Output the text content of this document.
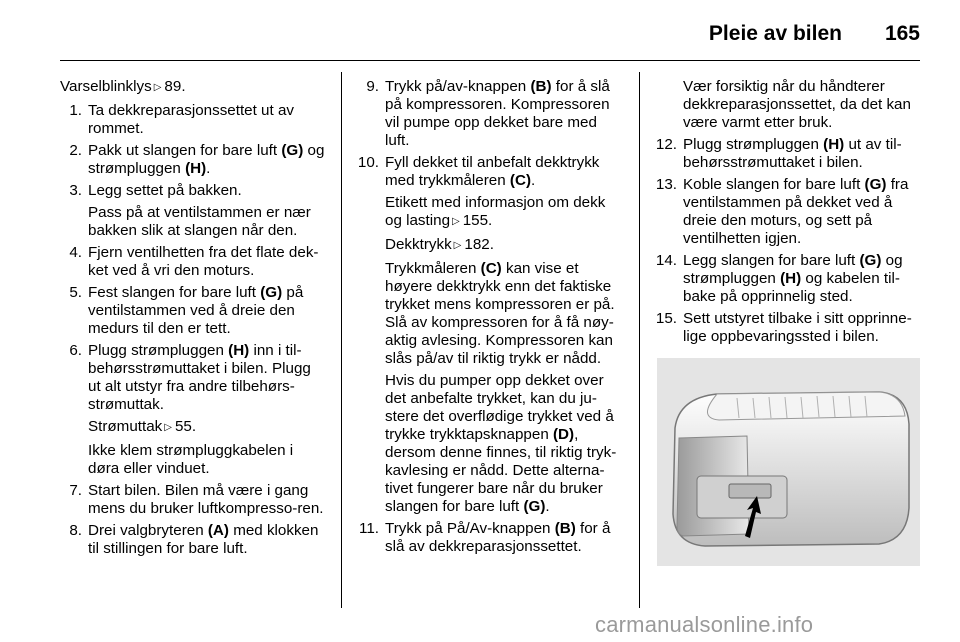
Pleie av bilen 165
Varselblinklys ▷ 89.
1. Ta dekkreparasjonssettet ut av rommet.
2. Pakk ut slangen for bare luft (G) og strømpluggen (H).
3. Legg settet på bakken.
Pass på at ventilstammen er nær bakken slik at slangen når den.
4. Fjern ventilhetten fra det flate dek-ket ved å vri den moturs.
5. Fest slangen for bare luft (G) på ventilstammen ved å dreie den medurs til den er tett.
6. Plugg strømpluggen (H) inn i til-behørsstrømuttaket i bilen. Plugg ut alt utstyr fra andre tilbehørs-strømuttak.
Strømuttak ▷ 55.
Ikke klem strømpluggkabelen i døra eller vinduet.
7. Start bilen. Bilen må være i gang mens du bruker luftkompresso-ren.
8. Drei valgbryteren (A) med klokken til stillingen for bare luft.
9. Trykk på/av-knappen (B) for å slå på kompressoren. Kompressoren vil pumpe opp dekket bare med luft.
10. Fyll dekket til anbefalt dekktrykk med trykkmåleren (C).
Etikett med informasjon om dekk og lasting ▷ 155.
Dekktrykk ▷ 182.
Trykkmåleren (C) kan vise et høyere dekktrykk enn det faktiske trykket mens kompressoren er på. Slå av kompressoren for å få nøy-aktig avlesing. Kompressoren kan slås på/av til riktig trykk er nådd.
Hvis du pumper opp dekket over det anbefalte trykket, kan du ju-stere det overflødige trykket ved å trykke trykktapsknappen (D), dersom denne finnes, til riktig tryk-kavlesing er nådd. Dette alterna-tivet fungerer bare når du bruker slangen for bare luft (G).
11. Trykk på På/Av-knappen (B) for å slå av dekkreparasjonssettet.
Vær forsiktig når du håndterer dekkreparasjonssettet, da det kan være varmt etter bruk.
12. Plugg strømpluggen (H) ut av til-behørsstrømuttaket i bilen.
13. Koble slangen for bare luft (G) fra ventilstammen på dekket ved å dreie den moturs, og sett på ventilhetten igjen.
14. Legg slangen for bare luft (G) og strømpluggen (H) og kabelen til-bake på opprinnelig sted.
15. Sett utstyret tilbake i sitt opprinne-lige oppbevaringssted i bilen.
carmanualsonline.info
